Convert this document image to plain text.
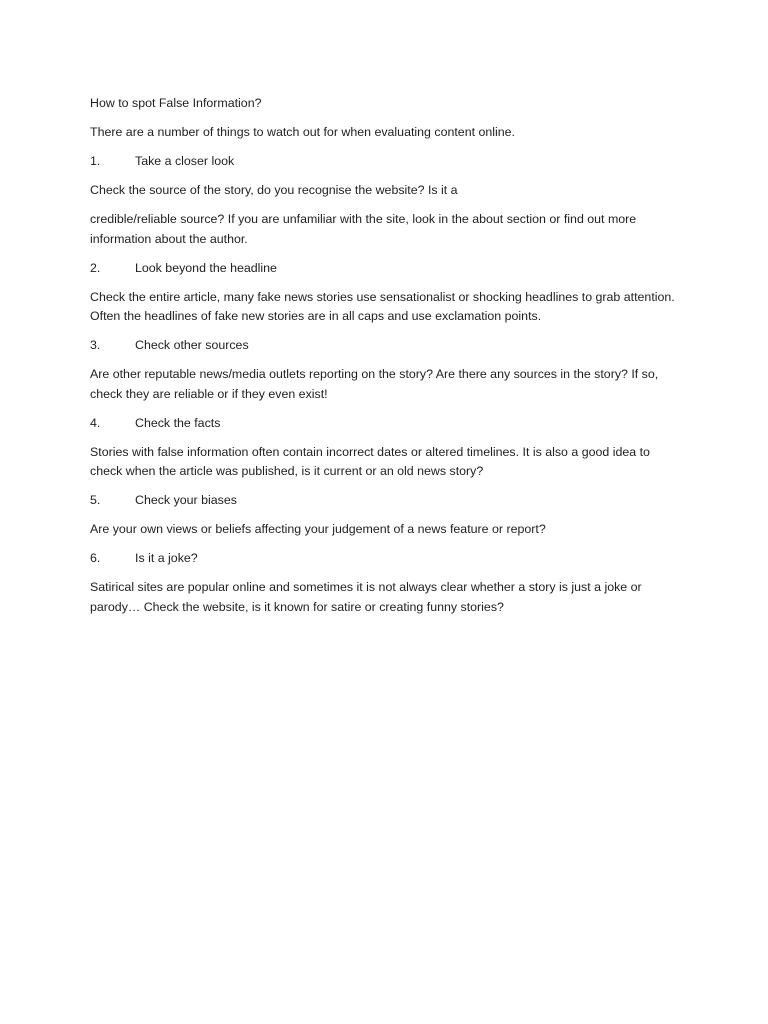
How to spot False Information?
There are a number of things to watch out for when evaluating content online.
1.	Take a closer look
Check the source of the story, do you recognise the website? Is it a
credible/reliable source? If you are unfamiliar with the site, look in the about section or find out more information about the author.
2.	Look beyond the headline
Check the entire article, many fake news stories use sensationalist or shocking headlines to grab attention. Often the headlines of fake new stories are in all caps and use exclamation points.
3.	Check other sources
Are other reputable news/media outlets reporting on the story? Are there any sources in the story? If so, check they are reliable or if they even exist!
4.	Check the facts
Stories with false information often contain incorrect dates or altered timelines. It is also a good idea to check when the article was published, is it current or an old news story?
5.	Check your biases
Are your own views or beliefs affecting your judgement of a news feature or report?
6.	Is it a joke?
Satirical sites are popular online and sometimes it is not always clear whether a story is just a joke or parody… Check the website, is it known for satire or creating funny stories?
